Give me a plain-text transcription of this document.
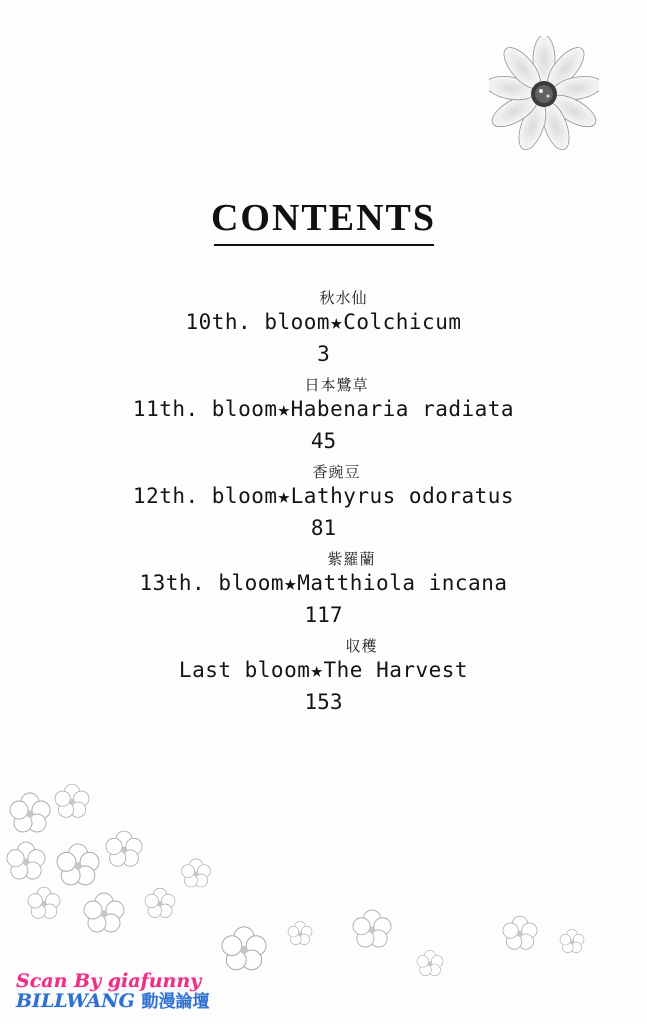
CONTENTS
秋水仙
10th. bloom★Colchicum
3
日本鷺草
11th. bloom★Habenaria radiata
45
香豌豆
12th. bloom★Lathyrus odoratus
81
紫羅蘭
13th. bloom★Matthiola incana
117
収穫
Last bloom★The Harvest
153
Scan By giafunny
BILLWANG 動漫論壇
